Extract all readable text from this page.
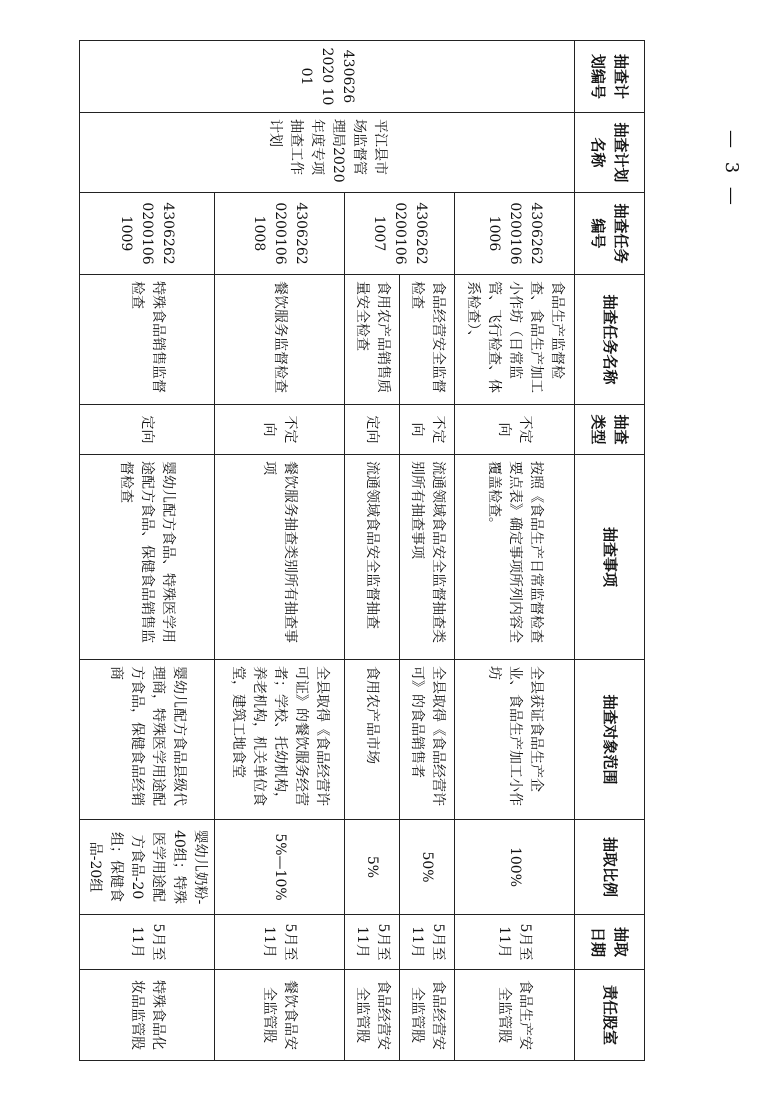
抽查计划编号	抽查计划名称	抽查任务编号	抽查任务名称	抽查类型	抽查事项	抽查对象范围	抽取比例	抽取日期	责任股室
4306262020 1001	平江县市场监督管理局2020年度专项抽查工作计划	430626202001061006	食品生产监督检查、食品生产加工小作坊（日常监管、飞行检查、体系检查）、	不定向	按照《食品生产日常监督检查要点表》确定事项所列内容全覆盖检查。	全县获证食品生产企业、食品生产加工小作坊	100%	5月至11月	食品生产安全监管股
		430626202001061007	食品经营安全监督检查	不定向	流通领域食品安全监督抽查类别所有抽查事项	全县取得《食品经营许可》的食品销售者	50%	5月至11月	食品经营安全监管股
			食用农产品销售质量安全检查	定向	流通领域食品安全监督抽查	食用农产品市场	5%	5月至11月	食品经营安全监管股
		430626202001061008	餐饮服务监督检查	不定向	餐饮服务抽查类别所有抽查事项	全县取得《食品经营许可证》的餐饮服务经营者；学校、托幼机构，养老机构，机关单位食堂，建筑工地食堂	5%—10%	5月至11月	餐饮食品安全监管股
		430626202001061009	特殊食品销售监督检查	定向	婴幼儿配方食品、特殊医学用途配方食品、保健食品销售监督检查	婴幼儿配方食品县级代理商，特殊医学用途配方食品，保健食品经销商	婴幼儿奶粉-40组；特殊医学用途配方食品-20组；保健食品-20组	5月至11月	特殊食品化妆品监管股
— 3 —
